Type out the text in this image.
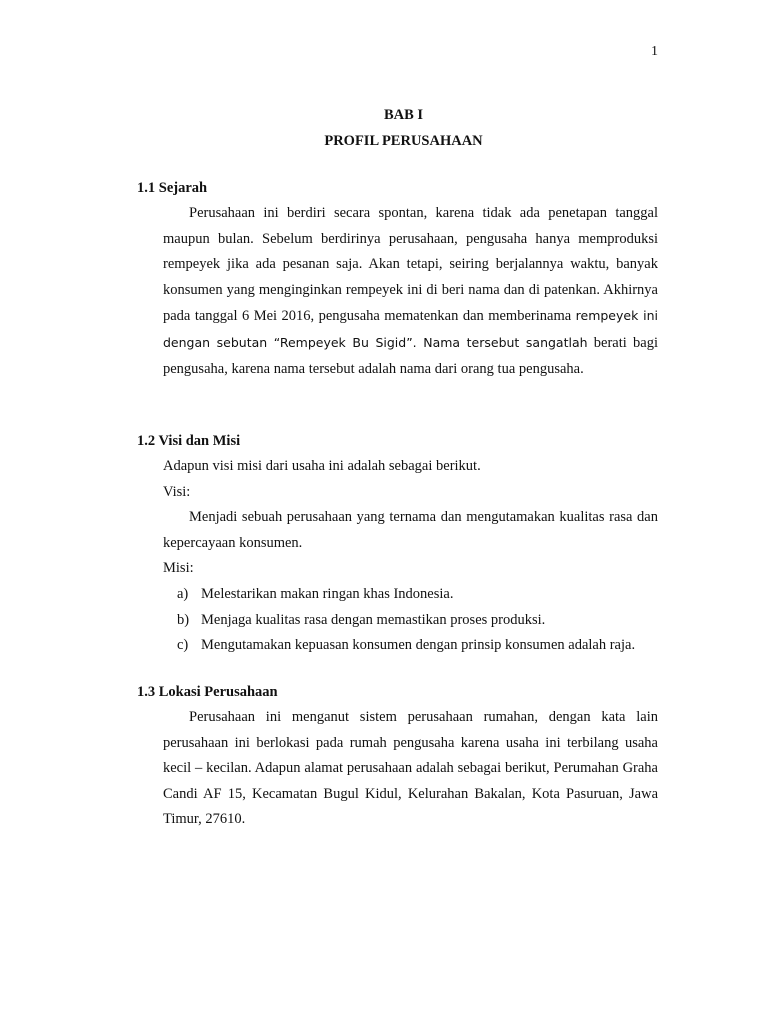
1
BAB I
PROFIL PERUSAHAAN
1.1 Sejarah
Perusahaan ini berdiri secara spontan, karena tidak ada penetapan tanggal maupun bulan. Sebelum berdirinya perusahaan, pengusaha hanya memproduksi rempeyek jika ada pesanan saja. Akan tetapi, seiring berjalannya waktu, banyak konsumen yang menginginkan rempeyek ini di beri nama dan di patenkan. Akhirnya pada tanggal 6 Mei 2016, pengusaha mematenkan dan memberinama rempeyek ini dengan sebutan “Rempeyek Bu Sigid”. Nama tersebut sangatlah berati bagi pengusaha, karena nama tersebut adalah nama dari orang tua pengusaha.
1.2 Visi dan Misi
Adapun visi misi dari usaha ini adalah sebagai berikut.
Visi:
Menjadi sebuah perusahaan yang ternama dan mengutamakan kualitas rasa dan kepercayaan konsumen.
Misi:
a) Melestarikan makan ringan khas Indonesia.
b) Menjaga kualitas rasa dengan memastikan proses produksi.
c) Mengutamakan kepuasan konsumen dengan prinsip konsumen adalah raja.
1.3 Lokasi Perusahaan
Perusahaan ini menganut sistem perusahaan rumahan, dengan kata lain perusahaan ini berlokasi pada rumah pengusaha karena usaha ini terbilang usaha kecil – kecilan. Adapun alamat perusahaan adalah sebagai berikut, Perumahan Graha Candi AF 15, Kecamatan Bugul Kidul, Kelurahan Bakalan, Kota Pasuruan, Jawa Timur, 27610.
